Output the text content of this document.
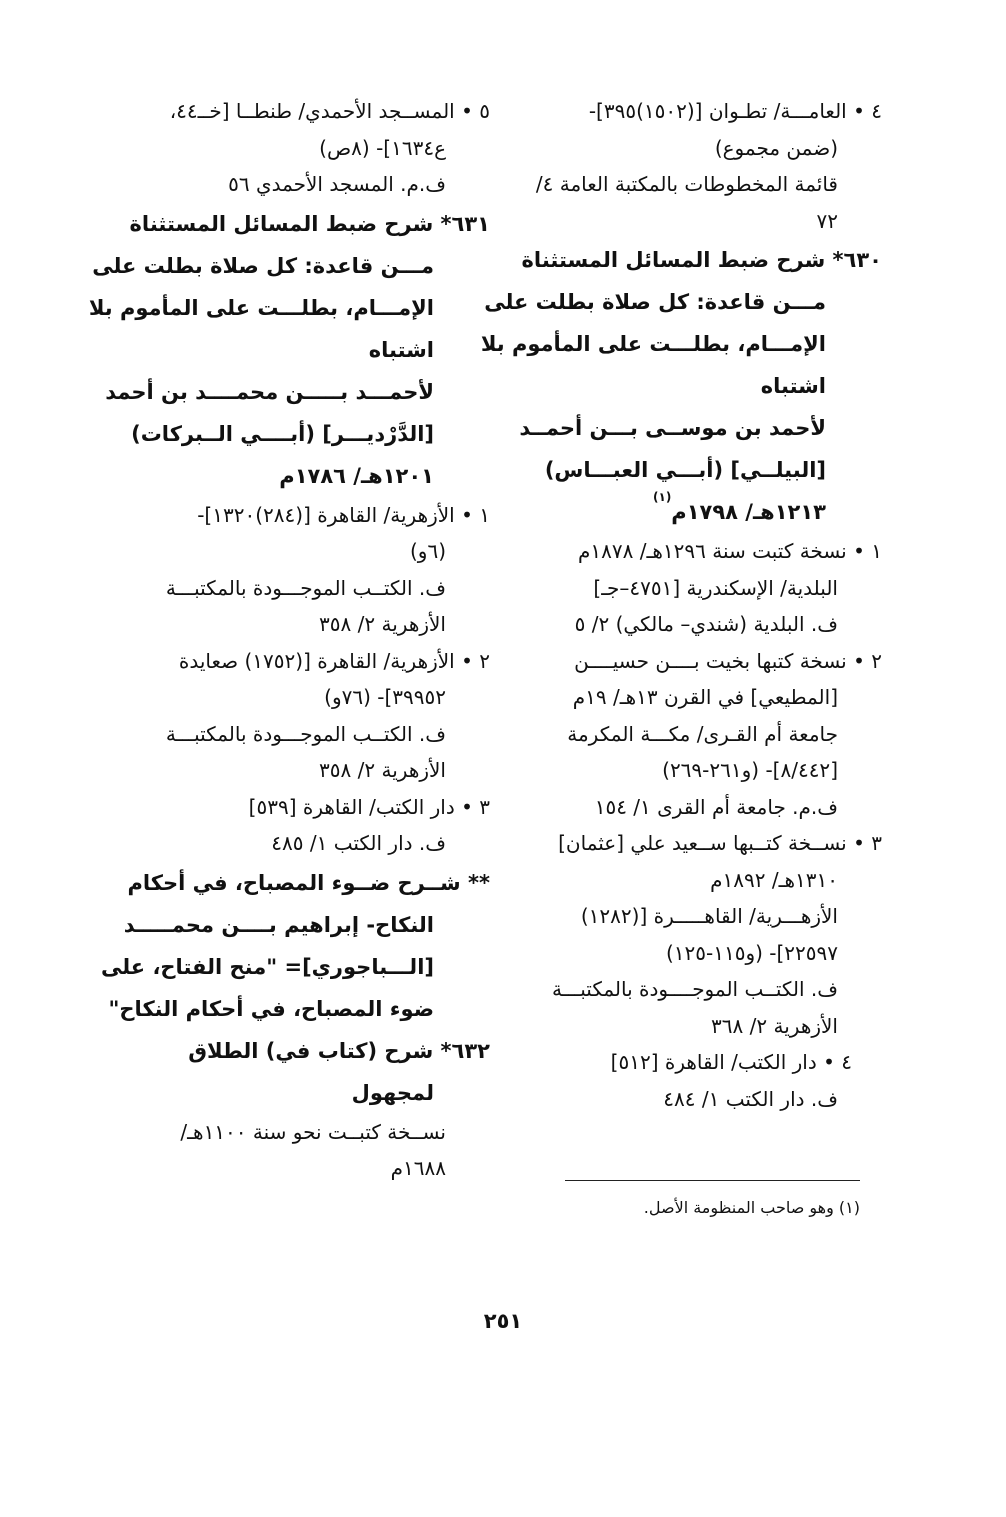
٤ • العامـــة/ تطـوان [(١٥٠٢)٣٩٥]-
(ضمن مجموع)
قائمة المخطوطات بالمكتبة العامة ٤/
٧٢
٦٣٠* شرح ضبط المسائل المستثناة
مـــن قاعدة: كل صلاة بطلت على
الإمـــام، بطلـــت على المأموم بلا
اشتباه
لأحمد بن موســى بـــن أحمــد
[البيلــي] (أبـــي العبـــاس)
١٢١٣هـ/ ١٧٩٨م$^{(١)}$
١ • نسخة كتبت سنة ١٢٩٦هـ/ ١٨٧٨م
البلدية/ الإسكندرية [٤٧٥١–جـ]
ف. البلدية (شندي– مالكي) ٢/ ٥
٢ • نسخة كتبها بخيت بــــن حسيــــن
[المطيعي] في القرن ١٣هـ/ ١٩م
جامعة أم القـرى/ مكـــة المكرمة
[٨/٤٤٢]- (و٢٦١-٢٦٩)
ف.م. جامعة أم القرى ١/ ١٥٤
٣ • نســخة كتــبها ســعيد علي [عثمان]
١٣١٠هـ/ ١٨٩٢م
الأزهـــرية/ القاهـــــرة [(١٢٨٢)
٢٢٥٩٧]- (و١١٥-١٢٥)
ف. الكتــب الموجــــودة بالمكتبـــة
الأزهرية ٢/ ٣٦٨
٤ • دار الكتب/ القاهرة [٥١٢]
ف. دار الكتب ١/ ٤٨٤
٥ • المســجد الأحمدي/ طنطــا [خــ٤٤،
ع١٦٣٤]- (٨ص)
ف.م. المسجد الأحمدي ٥٦
٦٣١* شرح ضبط المسائل المستثناة
مـــن قاعدة: كل صلاة بطلت على
الإمـــام، بطلـــت على المأموم بلا
اشتباه
لأحمـــد بـــــن محمــــد بن أحمد
[الدَّرْديـــر] (أبــــي الــبركات)
١٢٠١هـ/ ١٧٨٦م
١ • الأزهرية/ القاهرة [(٢٨٤)١٣٢٠]-
(٦و)
ف. الكتــب الموجـــودة بالمكتبـــة
الأزهرية ٢/ ٣٥٨
٢ • الأزهرية/ القاهرة [(١٧٥٢) صعايدة
٣٩٩٥٢]- (٧٦و)
ف. الكتــب الموجـــودة بالمكتبـــة
الأزهرية ٢/ ٣٥٨
٣ • دار الكتب/ القاهرة [٥٣٩]
ف. دار الكتب ١/ ٤٨٥
** شــرح ضــوء المصباح، في أحكام
النكاح- إبراهيم بــــن محمـــــد
[الـــباجوري]= "منح الفتاح، على
ضوء المصباح، في أحكام النكاح"
٦٣٢* شرح (كتاب في) الطلاق
لمجهول
نســخة كتبــت نحو سنة ١١٠٠هـ/
١٦٨٨م
(١) وهو صاحب المنظومة الأصل.
٢٥١
